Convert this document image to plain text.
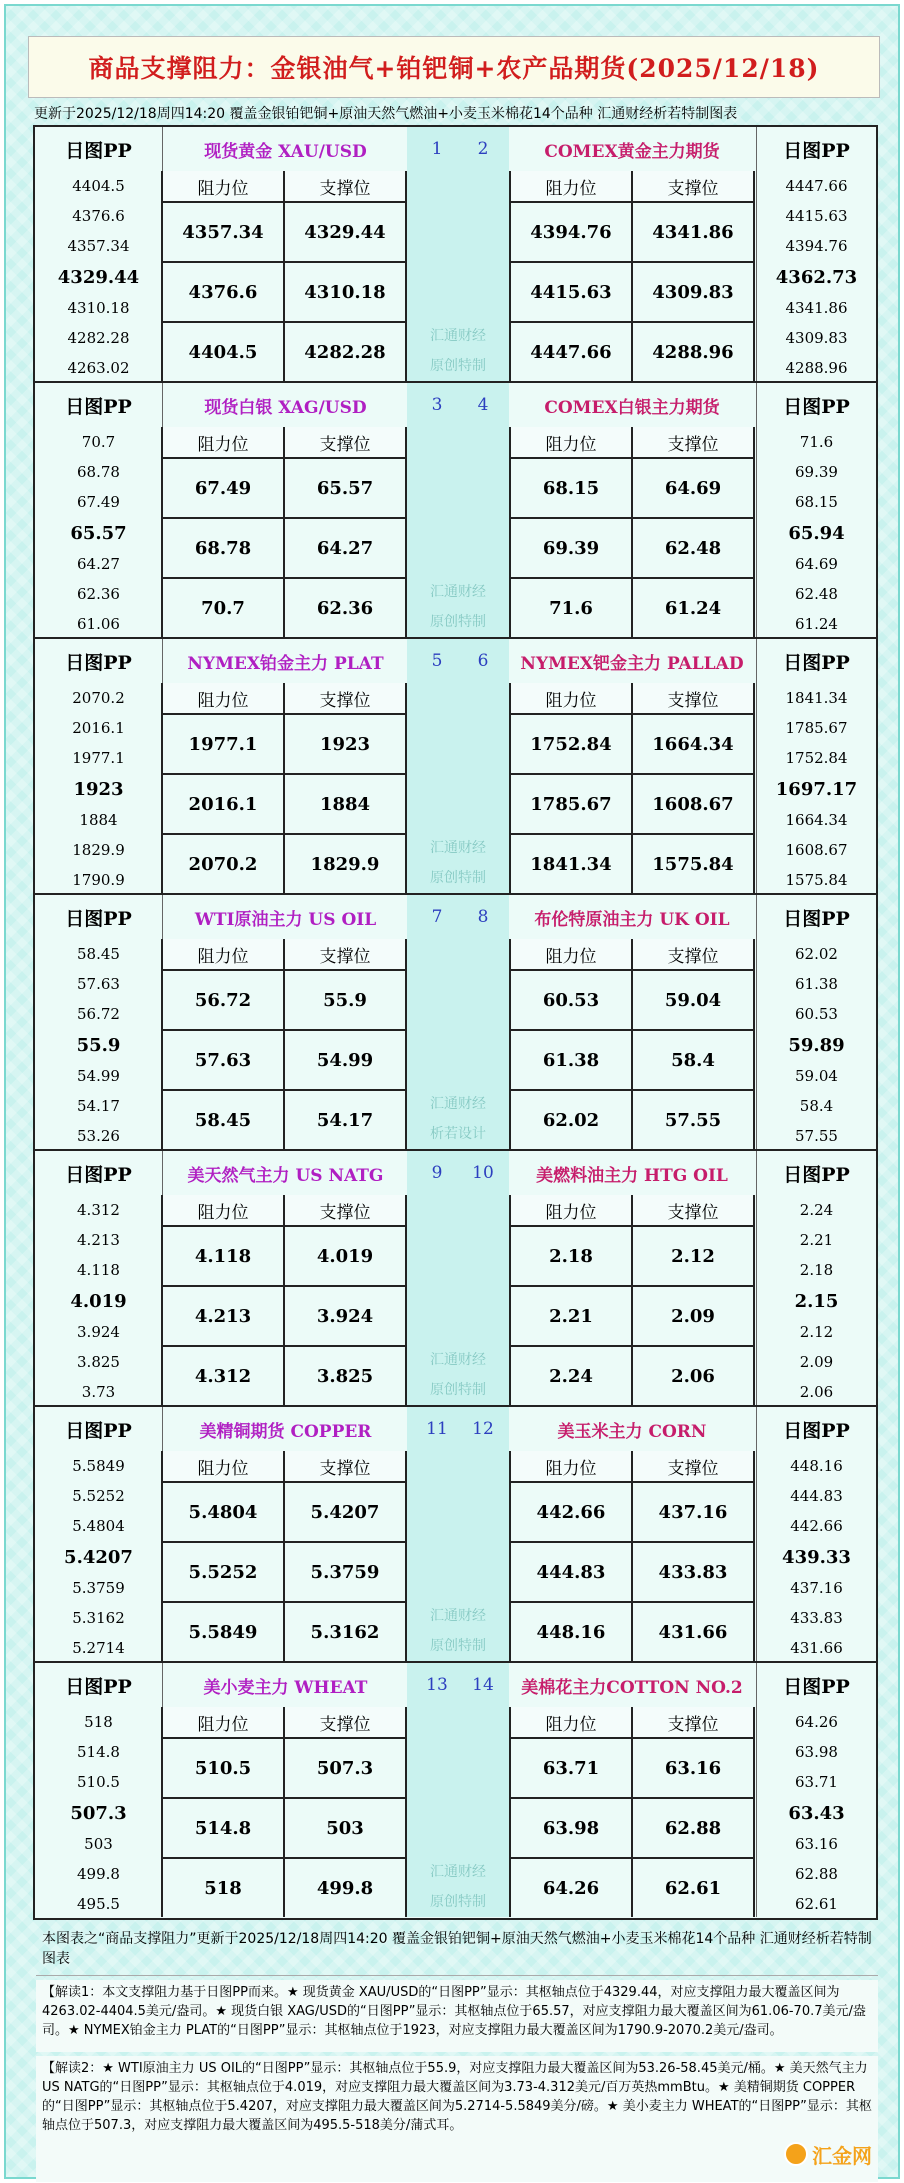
商品支撑阻力：金银油气+铂钯铜+农产品期货(2025/12/18)
更新于2025/12/18周四14:20 覆盖金银铂钯铜+原油天然气燃油+小麦玉米棉花14个品种 汇通财经析若特制图表
日图PP
4404.5
4376.6
4357.34
4329.44
4310.18
4282.28
4263.02
日图PP
4447.66
4415.63
4394.76
4362.73
4341.86
4309.83
4288.96
现货黄金 XAU/USD	COMEX黄金主力期货
1	2
阻力位	支撑位
4357.34	4329.44
4376.6	4310.18
4404.5	4282.28
阻力位	支撑位
4394.76	4341.86
4415.63	4309.83
4447.66	4288.96
汇通财经
原创特制
日图PP
70.7
68.78
67.49
65.57
64.27
62.36
61.06
日图PP
71.6
69.39
68.15
65.94
64.69
62.48
61.24
现货白银 XAG/USD	COMEX白银主力期货
3	4
阻力位	支撑位
67.49	65.57
68.78	64.27
70.7	62.36
阻力位	支撑位
68.15	64.69
69.39	62.48
71.6	61.24
汇通财经
原创特制
日图PP
2070.2
2016.1
1977.1
1923
1884
1829.9
1790.9
日图PP
1841.34
1785.67
1752.84
1697.17
1664.34
1608.67
1575.84
NYMEX铂金主力 PLAT	NYMEX钯金主力 PALLAD
5	6
阻力位	支撑位
1977.1	1923
2016.1	1884
2070.2	1829.9
阻力位	支撑位
1752.84	1664.34
1785.67	1608.67
1841.34	1575.84
汇通财经
原创特制
日图PP
58.45
57.63
56.72
55.9
54.99
54.17
53.26
日图PP
62.02
61.38
60.53
59.89
59.04
58.4
57.55
WTI原油主力 US OIL	布伦特原油主力 UK OIL
7	8
阻力位	支撑位
56.72	55.9
57.63	54.99
58.45	54.17
阻力位	支撑位
60.53	59.04
61.38	58.4
62.02	57.55
汇通财经
析若设计
日图PP
4.312
4.213
4.118
4.019
3.924
3.825
3.73
日图PP
2.24
2.21
2.18
2.15
2.12
2.09
2.06
美天然气主力 US NATG	美燃料油主力 HTG OIL
9	10
阻力位	支撑位
4.118	4.019
4.213	3.924
4.312	3.825
阻力位	支撑位
2.18	2.12
2.21	2.09
2.24	2.06
汇通财经
原创特制
日图PP
5.5849
5.5252
5.4804
5.4207
5.3759
5.3162
5.2714
日图PP
448.16
444.83
442.66
439.33
437.16
433.83
431.66
美精铜期货 COPPER	美玉米主力 CORN
11	12
阻力位	支撑位
5.4804	5.4207
5.5252	5.3759
5.5849	5.3162
阻力位	支撑位
442.66	437.16
444.83	433.83
448.16	431.66
汇通财经
原创特制
日图PP
518
514.8
510.5
507.3
503
499.8
495.5
日图PP
64.26
63.98
63.71
63.43
63.16
62.88
62.61
美小麦主力 WHEAT	美棉花主力COTTON NO.2
13	14
阻力位	支撑位
510.5	507.3
514.8	503
518	499.8
阻力位	支撑位
63.71	63.16
63.98	62.88
64.26	62.61
汇通财经
原创特制
本图表之“商品支撑阻力”更新于2025/12/18周四14:20 覆盖金银铂钯铜+原油天然气燃油+小麦玉米棉花14个品种 汇通财经析若特制图表
【解读1：本文支撑阻力基于日图PP而来。★ 现货黄金 XAU/USD的“日图PP”显示：其枢轴点位于4329.44，对应支撑阻力最大覆盖区间为4263.02-4404.5美元/盎司。★ 现货白银 XAG/USD的“日图PP”显示：其枢轴点位于65.57，对应支撑阻力最大覆盖区间为61.06-70.7美元/盎司。★ NYMEX铂金主力 PLAT的“日图PP”显示：其枢轴点位于1923，对应支撑阻力最大覆盖区间为1790.9-2070.2美元/盎司。
【解读2：★ WTI原油主力 US OIL的“日图PP”显示：其枢轴点位于55.9，对应支撑阻力最大覆盖区间为53.26-58.45美元/桶。★ 美天然气主力 US NATG的“日图PP”显示：其枢轴点位于4.019，对应支撑阻力最大覆盖区间为3.73-4.312美元/百万英热mmBtu。★ 美精铜期货 COPPER的“日图PP”显示：其枢轴点位于5.4207，对应支撑阻力最大覆盖区间为5.2714-5.5849美分/磅。★ 美小麦主力 WHEAT的“日图PP”显示：其枢轴点位于507.3，对应支撑阻力最大覆盖区间为495.5-518美分/蒲式耳。
汇金网
